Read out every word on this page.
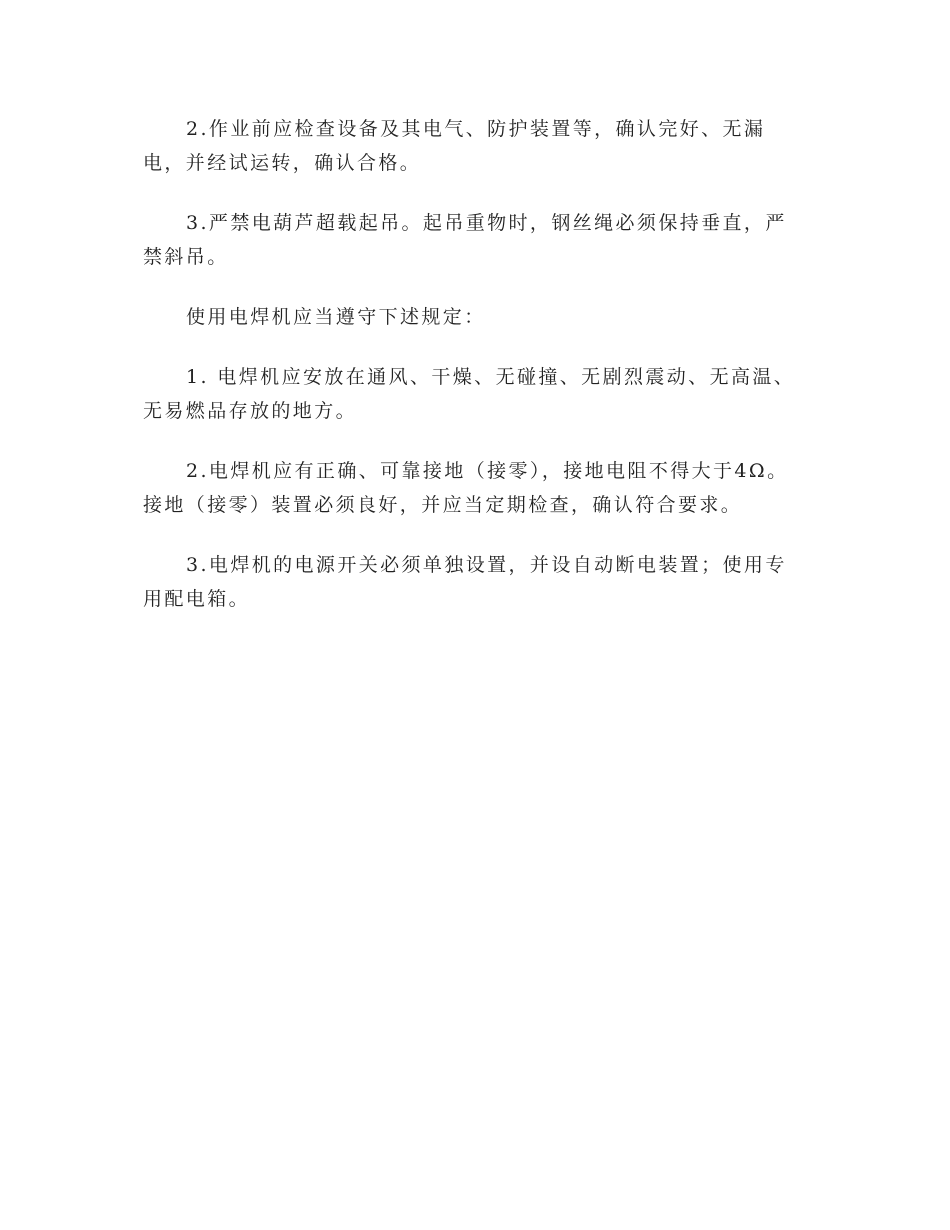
2.作业前应检查设备及其电气、防护装置等，确认完好、无漏电，并经试运转，确认合格。

3.严禁电葫芦超载起吊。起吊重物时，钢丝绳必须保持垂直，严禁斜吊。

使用电焊机应当遵守下述规定：

1. 电焊机应安放在通风、干燥、无碰撞、无剧烈震动、无高温、无易燃品存放的地方。

2.电焊机应有正确、可靠接地（接零），接地电阻不得大于4Ω。接地（接零）装置必须良好，并应当定期检查，确认符合要求。

3.电焊机的电源开关必须单独设置，并设自动断电装置；使用专用配电箱。
